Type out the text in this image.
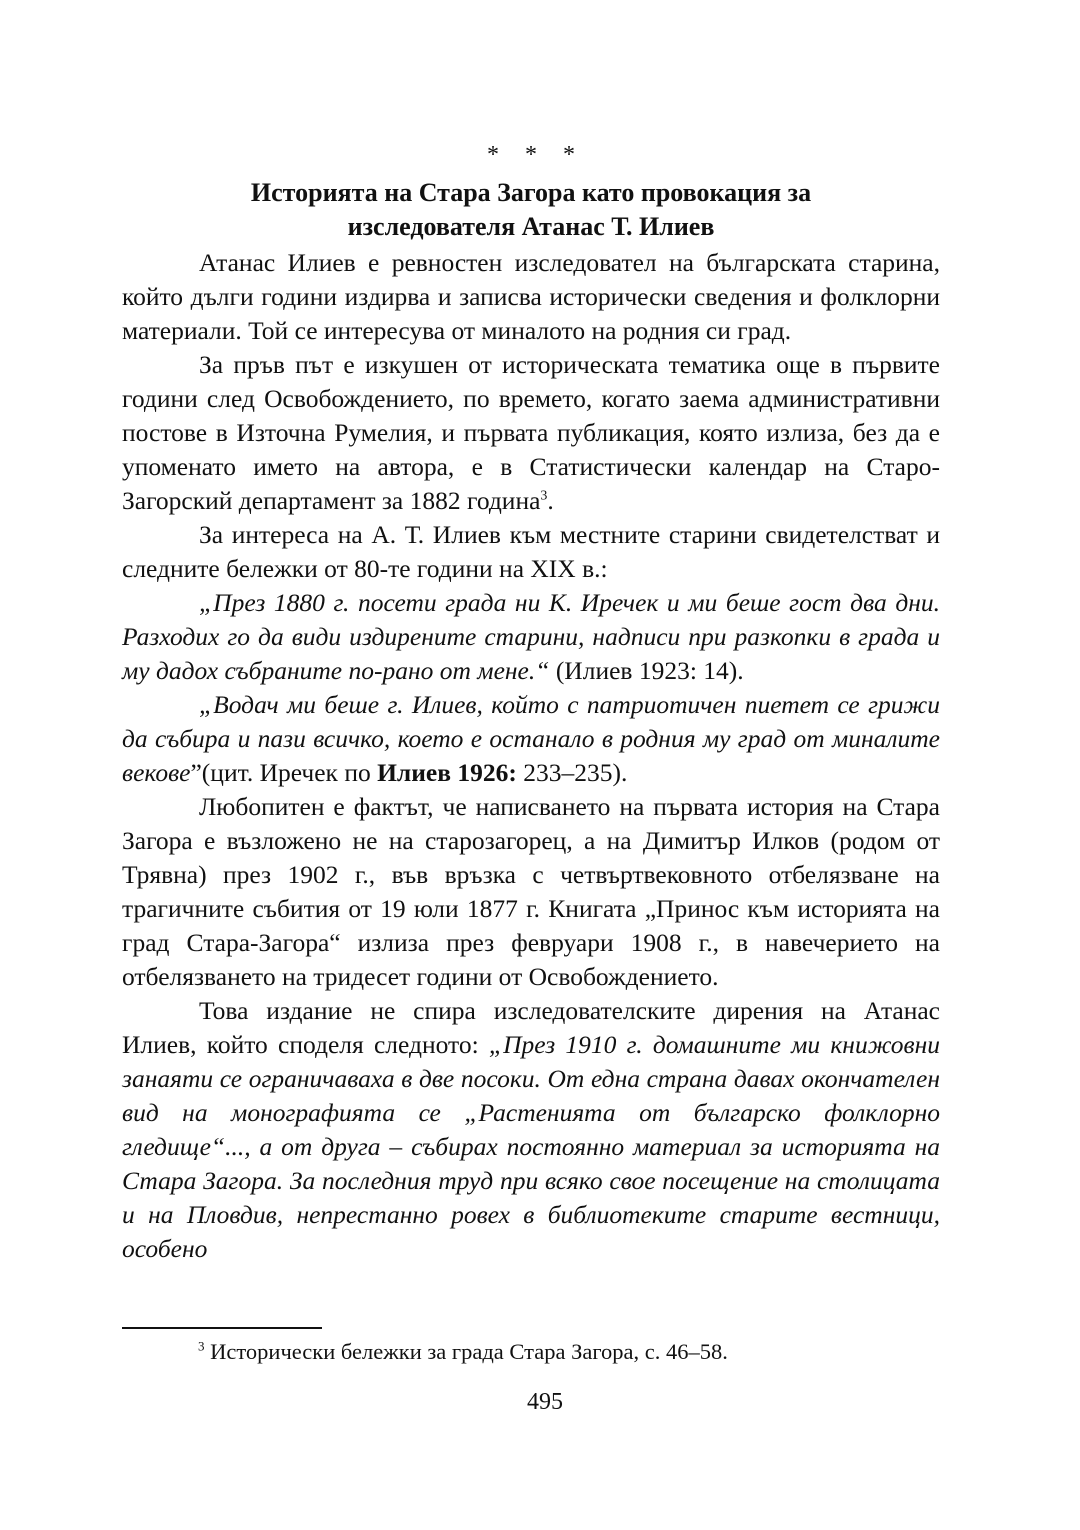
* * *
Историята на Стара Загора като провокация за
изследователя Атанас Т. Илиев

Атанас Илиев е ревностен изследовател на българската старина, който дълги години издирва и записва исторически сведения и фолклорни материали. Той се интересува от миналото на родния си град.

За пръв път е изкушен от историческата тематика още в първите години след Освобождението, по времето, когато заема административни постове в Източна Румелия, и първата публикация, която излиза, без да е упоменато името на автора, е в Статистически календар на Старо-Загорский департамент за 1882 година$^3$.

За интереса на А. Т. Илиев към местните старини свидетелстват и следните бележки от 80-те години на XIX в.:

„През 1880 г. посети града ни К. Иречек и ми беше гост два дни. Разходих го да види издирените старини, надписи при разкопки в града и му дадох събраните по-рано от мене.“ (Илиев 1923: 14).

„Водач ми беше г. Илиев, който с патриотичен пиетет се грижи да събира и пази всичко, което е останало в родния му град от миналите векове”(цит. Иречек по Илиев 1926: 233–235).

Любопитен е фактът, че написването на първата история на Стара Загора е възложено не на старозагорец, а на Димитър Илков (родом от Трявна) през 1902 г., във връзка с четвъртвековното отбелязване на трагичните събития от 19 юли 1877 г. Книгата „Принос към историята на град Стара-Загора“ излиза през февруари 1908 г., в навечерието на отбелязването на тридесет години от Освобождението.

Това издание не спира изследователските дирения на Атанас Илиев, който споделя следното: „През 1910 г. домашните ми книжовни занаяти се ограничаваха в две посоки. От една страна давах окончателен вид на монографията се „Растенията от българско фолклорно гледище“..., а от друга – събирах постоянно материал за историята на Стара Загора. За последния труд при всяко свое посещение на столицата и на Пловдив, непрестанно ровех в библиотеките старите вестници, особено

$^3$ Исторически бележки за града Стара Загора, с. 46–58.
495
